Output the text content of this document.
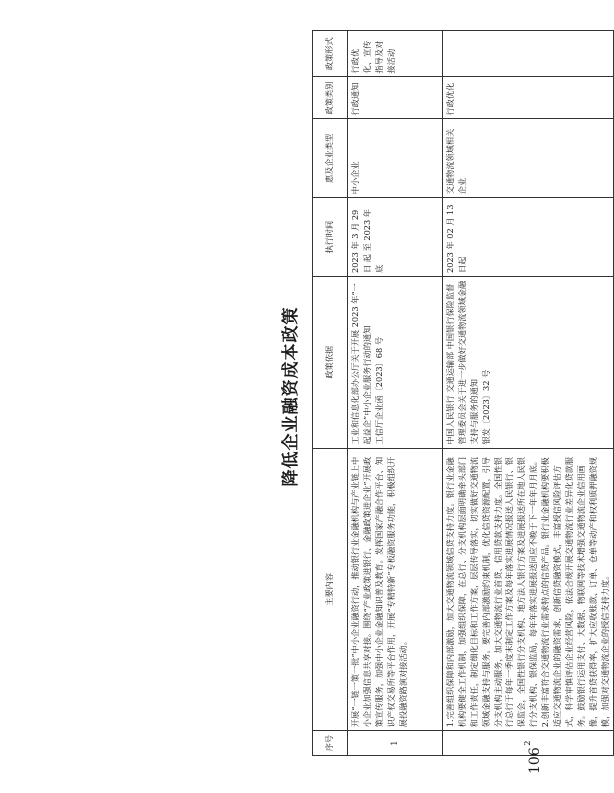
106
降低企业融资成本政策
序号	主要内容	政策依据	执行时间	惠及企业类型	政策类别	政策形式
1	开展“一链一策一批”中小企业融资行动，推动银行业金融机构与产业链上中小企业加强信息共享对接。围绕“产业政策进银行、金融政策进企业”开展政策宣传服务，加强中小企业金融知识普及教育。发挥国家产融合作平台、知识产权交易所等平台作用，开展“专精特新”专板融资服务功能，积极组织开展投融资路演对接活动。	工业和信息化部办公厅关于开展 2023 年“一起益企”中小企业服务行动的通知
工信厅企业函〔2023〕68 号	2023 年 3 月 29 日 起 至 2023 年底	中小企业	行政通知	行政优化、宣传指导及对接活动
2	1.完善组织保障和内部激励，加大交通物流领域信贷支持力度。银行业金融机构要健全工作机制，加强组织保障，在总行、分支机构层面明确牵头部门和工作责任，制定细化目标和工作方案，层层传导落实，切实做好交通物流领域金融支持与服务。要完善内部激励约束机制，优化信贷资源配置，引导分支机构主动服务，加大交通物流行业首贷、信用贷款支持力度。全国性银行总行于每年一季度末制定工作方案及每年落实进展情况报送人民银行、银保监会，全国性银行分支机构、地方法人银行方案及进展报送所在地人民银行分支机构、银保监局，每年年落实进展报送同应不晚于下一年年月月底。
2.创新丰富符合交通物流行业需求特点的信贷产品。银行业金融机构要积极适应交通物流企业的融资需求，创新信贷融资模式，丰富授信风险评估方式，科学审慎评估企业经营风险，依法合规开展交通物流行业差异化贷款服务。鼓励银行运用支付、大数据、物联网等技术增强交通物流企业信用画像，提升首贷获得率，扩大应收账款、订单、仓单等动产和权利质押融资规模，加强对交通物流企业的授信支持力度。	中国人民银行 交通运输部 中国银行保险监督管理委员会关于进一步做好交通物流领域金融支持与服务的通知
银发〔2023〕32 号	2023 年 02 月 13 日起	交通物流领域相关企业	行政优化	
